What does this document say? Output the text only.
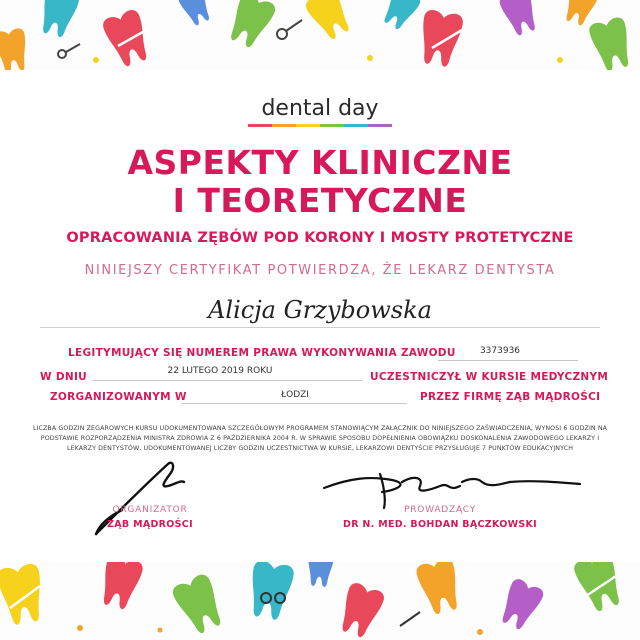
dental day
ASPEKTY KLINICZNE
I TEORETYCZNE
OPRACOWANIA ZĘBÓW POD KORONY I MOSTY PROTETYCZNE
NINIEJSZY CERTYFIKAT POTWIERDZA, ŻE LEKARZ DENTYSTA
Alicja Grzybowska
LEGITYMUJĄCY SIĘ NUMEREM PRAWA WYKONYWANIA ZAWODU	3373936
W DNIU	22 LUTEGO 2019 ROKU	UCZESTNICZYŁ W KURSIE MEDYCZNYM
ZORGANIZOWANYM W	ŁODZI	PRZEZ FIRMĘ ZĄB MĄDROŚCI
LICZBA GODZIN ZEGAROWYCH KURSU UDOKUMENTOWANA SZCZEGÓŁOWYM PROGRAMEM STANOWIĄCYM ZAŁĄCZNIK DO NINIEJSZEGO ZAŚWIADCZENIA, WYNOSI 6 GODZIN NA PODSTAWIE ROZPORZĄDZENIA MINISTRA ZDROWIA Z 6 PAŹDZIERNIKA 2004 R. W SPRAWIE SPOSOBU DOPEŁNIENIA OBOWIĄZKU DOSKONALENIA ZAWODOWEGO LEKARZY I LEKARZY DENTYSTÓW, UDOKUMENTOWANEJ LICZBY GODZIN UCZESTNICTWA W KURSIE, LEKARZOWI DENTYŚCIE PRZYSŁUGUJE 7 PUNKTÓW EDUKACYJNYCH
ORGANIZATOR
ZĄB MĄDROŚCI
PROWADZĄCY
DR N. MED. BOHDAN BĄCZKOWSKI
